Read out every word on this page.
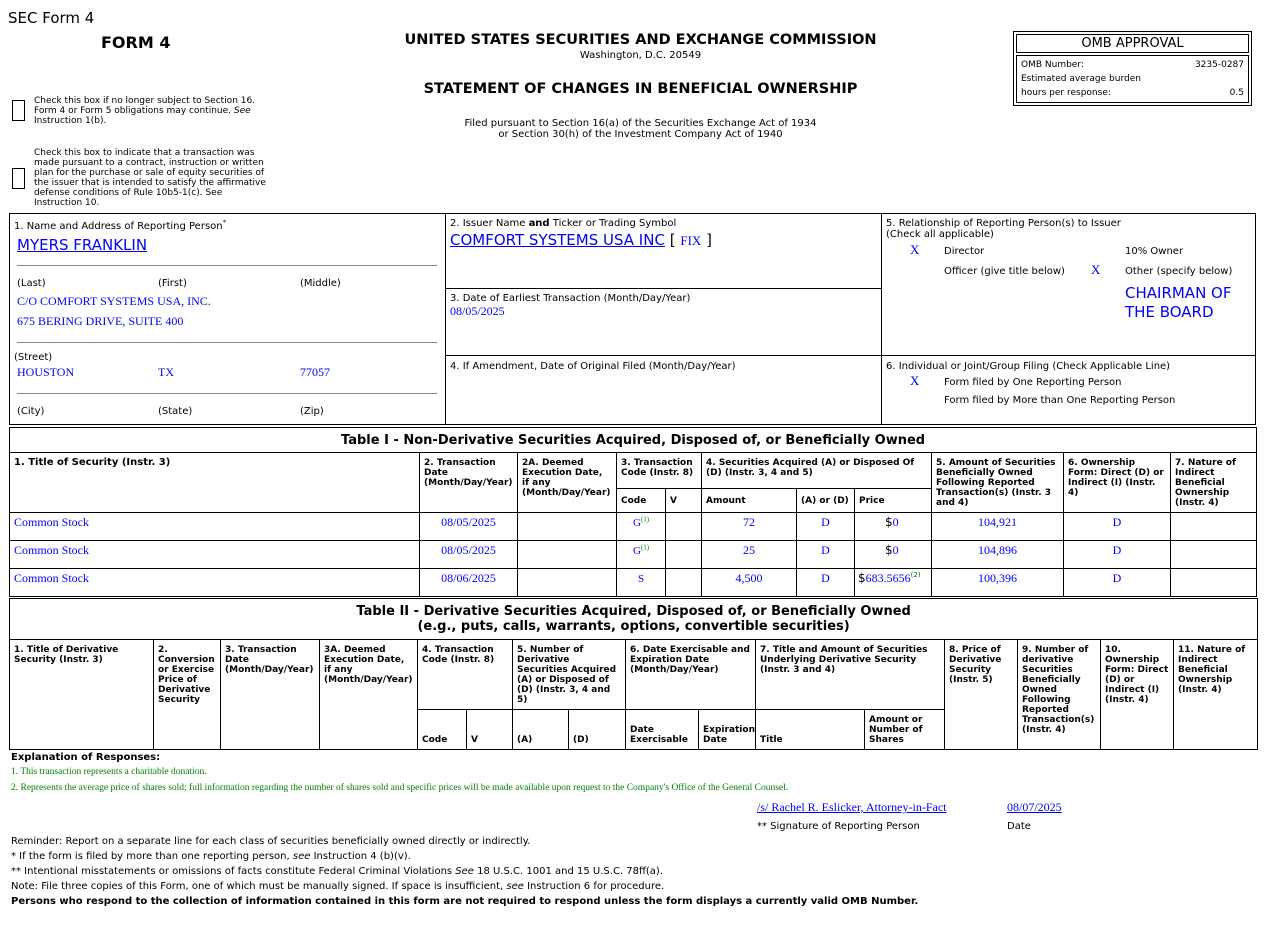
SEC Form 4
FORM 4	UNITED STATES SECURITIES AND EXCHANGE COMMISSION
Washington, D.C. 20549
STATEMENT OF CHANGES IN BENEFICIAL OWNERSHIP
Filed pursuant to Section 16(a) of the Securities Exchange Act of 1934
or Section 30(h) of the Investment Company Act of 1940
OMB APPROVAL
OMB Number:	3235-0287
Estimated average burden
hours per response:	0.5
Check this box if no longer subject to Section 16. Form 4 or Form 5 obligations may continue. See Instruction 1(b).
Check this box to indicate that a transaction was made pursuant to a contract, instruction or written plan for the purchase or sale of equity securities of the issuer that is intended to satisfy the affirmative defense conditions of Rule 10b5-1(c). See Instruction 10.
1. Name and Address of Reporting Person*
MYERS FRANKLIN
(Last)	(First)	(Middle)
C/O COMFORT SYSTEMS USA, INC.
675 BERING DRIVE, SUITE 400
(Street)
HOUSTON	TX	77057
(City)	(State)	(Zip)
2. Issuer Name and Ticker or Trading Symbol
COMFORT SYSTEMS USA INC [ FIX ]
3. Date of Earliest Transaction (Month/Day/Year)
08/05/2025
4. If Amendment, Date of Original Filed (Month/Day/Year)
5. Relationship of Reporting Person(s) to Issuer
(Check all applicable)
X Director	10% Owner
Officer (give title below) X Other (specify below)
CHAIRMAN OF
THE BOARD
6. Individual or Joint/Group Filing (Check Applicable Line)
X Form filed by One Reporting Person
Form filed by More than One Reporting Person
Table I - Non-Derivative Securities Acquired, Disposed of, or Beneficially Owned										
1. Title of Security (Instr. 3)	2. Transaction Date (Month/Day/Year)	2A. Deemed Execution Date, if any (Month/Day/Year)	3. Transaction Code (Instr. 8)		4. Securities Acquired (A) or Disposed Of (D) (Instr. 3, 4 and 5)			5. Amount of Securities Beneficially Owned Following Reported Transaction(s) (Instr. 3 and 4)	6. Ownership Form: Direct (D) or Indirect (I) (Instr. 4)	7. Nature of Indirect Beneficial Ownership (Instr. 4)
			Code	V	Amount	(A) or (D)	Price			
Common Stock	08/05/2025		$G^{(1)}$		72	D	$0	104,921	D	
Common Stock	08/05/2025		$G^{(1)}$		25	D	$0	104,896	D	
Common Stock	08/06/2025		S		4,500	D	$683.5656$^{(2)}$	100,396	D	
Table II - Derivative Securities Acquired, Disposed of, or Beneficially Owned
(e.g., puts, calls, warrants, options, convertible securities)															

1. Title of Derivative Security (Instr. 3)	2. Conversion or Exercise Price of Derivative Security	3. Transaction Date (Month/Day/Year)	3A. Deemed Execution Date, if any (Month/Day/Year)	4. Transaction Code (Instr. 8)		5. Number of Derivative Securities Acquired (A) or Disposed of (D) (Instr. 3, 4 and 5)		6. Date Exercisable and Expiration Date (Month/Day/Year)		7. Title and Amount of Securities Underlying Derivative Security (Instr. 3 and 4)		8. Price of Derivative Security (Instr. 5)	9. Number of derivative Securities Beneficially Owned Following Reported Transaction(s) (Instr. 4)	10. Ownership Form: Direct (D) or Indirect (I) (Instr. 4)	11. Nature of Indirect Beneficial Ownership (Instr. 4)
				Code	V	(A)	(D)	Date Exercisable	Expiration Date	Title	Amount or Number of Shares				
Explanation of Responses:
1. This transaction represents a charitable donation.
2. Represents the average price of shares sold; full information regarding the number of shares sold and specific prices will be made available upon request to the Company's Office of the General Counsel.
/s/ Rachel R. Eslicker, Attorney-in-Fact	08/07/2025
** Signature of Reporting Person	Date
Reminder: Report on a separate line for each class of securities beneficially owned directly or indirectly.
* If the form is filed by more than one reporting person, see Instruction 4 (b)(v).
** Intentional misstatements or omissions of facts constitute Federal Criminal Violations See 18 U.S.C. 1001 and 15 U.S.C. 78ff(a).
Note: File three copies of this Form, one of which must be manually signed. If space is insufficient, see Instruction 6 for procedure.
Persons who respond to the collection of information contained in this form are not required to respond unless the form displays a currently valid OMB Number.
